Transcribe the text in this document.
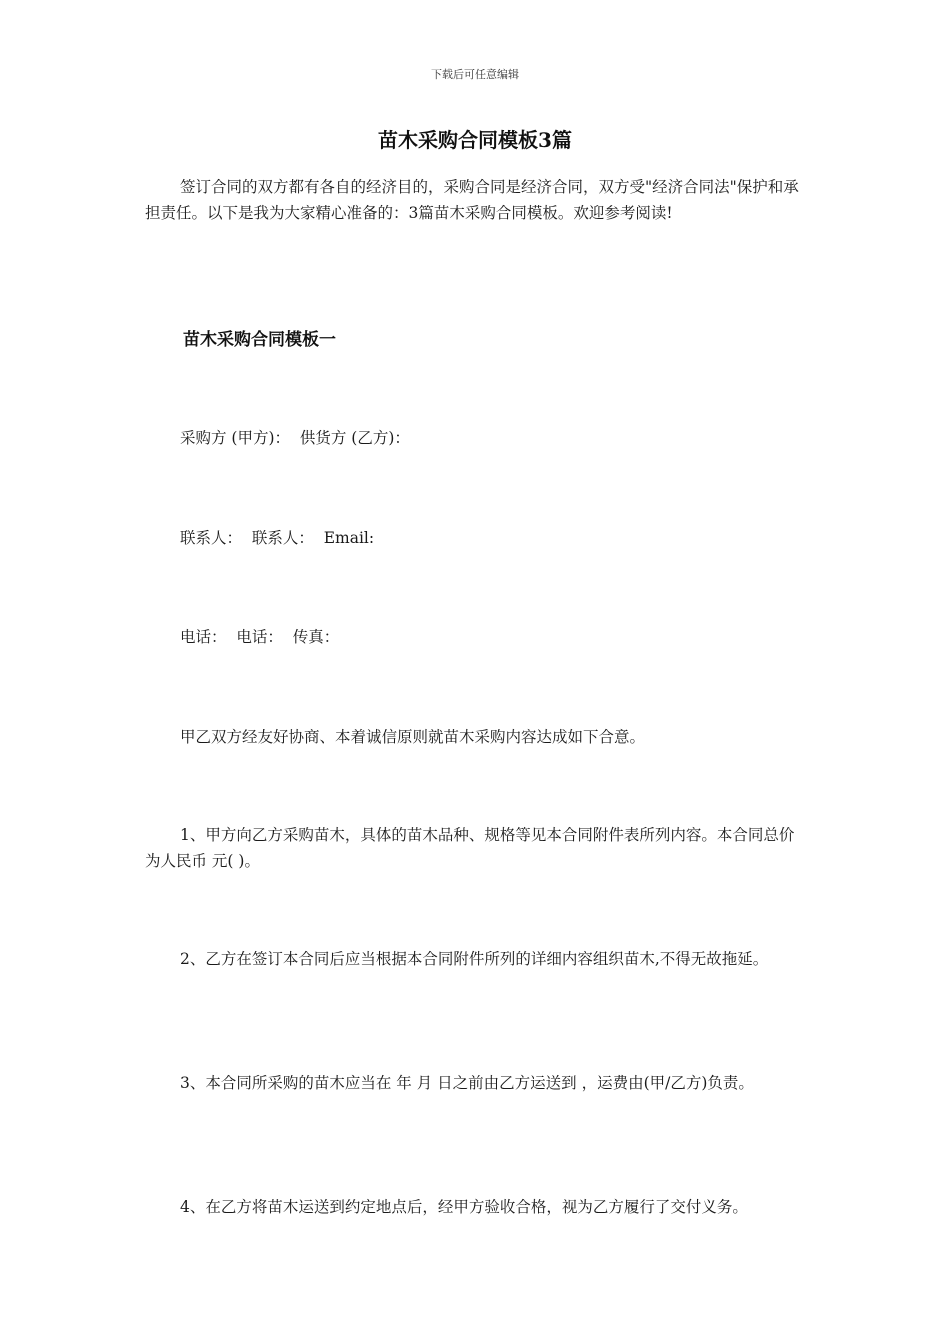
下载后可任意编辑
苗木采购合同模板3篇
签订合同的双方都有各自的经济目的，采购合同是经济合同，双方受"经济合同法"保护和承担责任。以下是我为大家精心准备的：3篇苗木采购合同模板。欢迎参考阅读!
苗木采购合同模板一
采购方 (甲方)：  供货方 (乙方)：
联系人：  联系人：  Email:
电话：  电话：  传真：
甲乙双方经友好协商、本着诚信原则就苗木采购内容达成如下合意。
1、甲方向乙方采购苗木，具体的苗木品种、规格等见本合同附件表所列内容。本合同总价为人民币 元( )。
2、乙方在签订本合同后应当根据本合同附件所列的详细内容组织苗木,不得无故拖延。
3、本合同所采购的苗木应当在 年 月 日之前由乙方运送到 ，运费由(甲/乙方)负责。
4、在乙方将苗木运送到约定地点后，经甲方验收合格，视为乙方履行了交付义务。
